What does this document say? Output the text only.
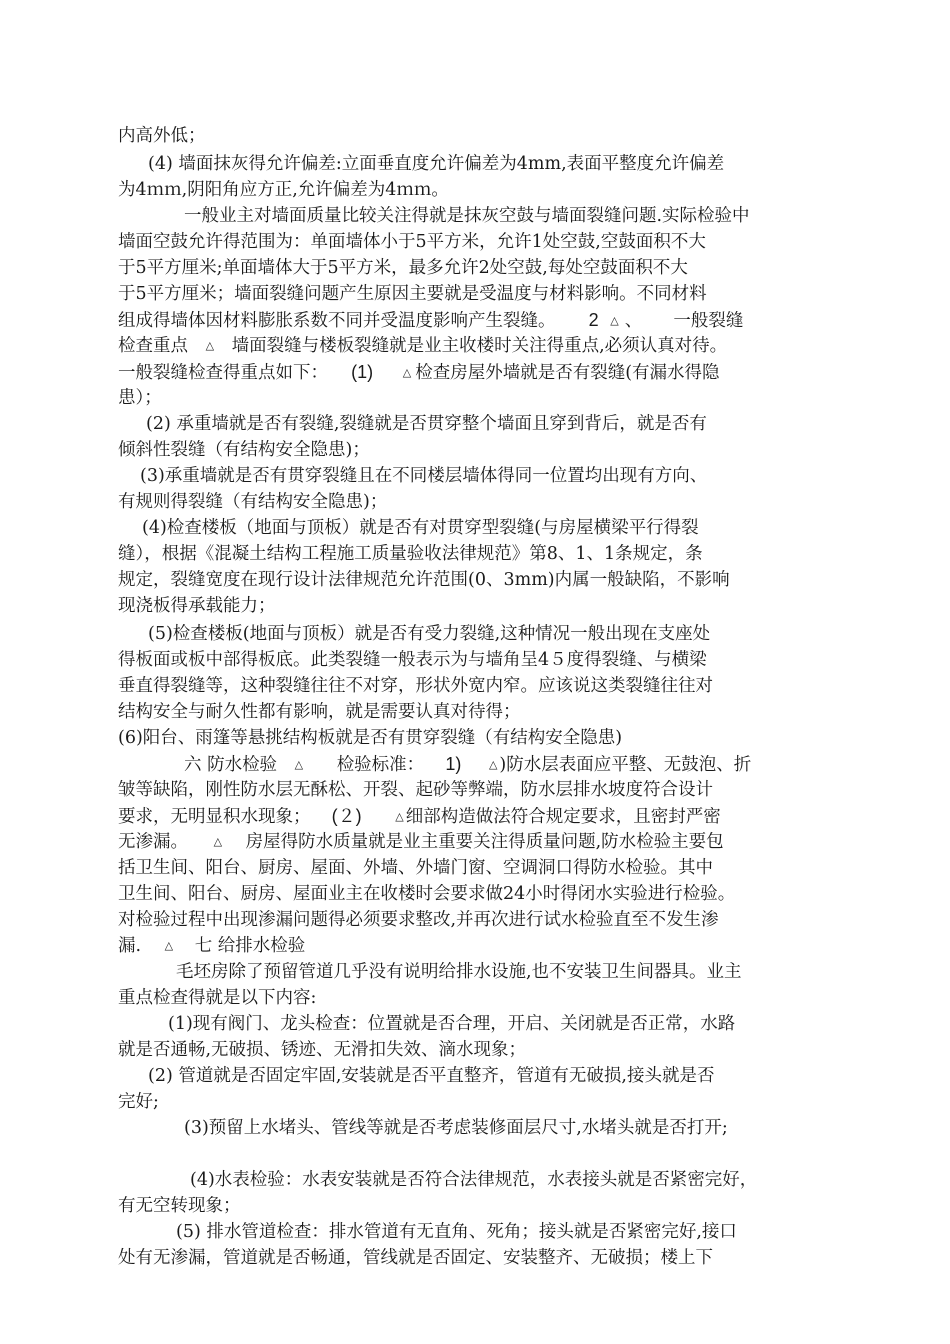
内高外低；
(4) 墙面抹灰得允许偏差:立面垂直度允许偏差为4mm,表面平整度允许偏差
为4ｍｍ,阴阳角应方正,允许偏差为4ｍｍ。
一般业主对墙面质量比较关注得就是抹灰空鼓与墙面裂缝问题.实际检验中
墙面空鼓允许得范围为：单面墙体小于5平方米，允许1处空鼓,空鼓面积不大
于5平方厘米;单面墙体大于5平方米，最多允许2处空鼓,每处空鼓面积不大
于5平方厘米；墙面裂缝问题产生原因主要就是受温度与材料影响。不同材料
组成得墙体因材料膨胀系数不同并受温度影响产生裂缝。 2 △ 、 一般裂缝
检查重点 △ 墙面裂缝与楼板裂缝就是业主收楼时关注得重点,必须认真对待。
一般裂缝检查得重点如下： (1)	△ 检查房屋外墙就是否有裂缝(有漏水得隐
患）；
(2) 承重墙就是否有裂缝,裂缝就是否贯穿整个墙面且穿到背后，就是否有
倾斜性裂缝（有结构安全隐患)；
(3)承重墙就是否有贯穿裂缝且在不同楼层墙体得同一位置均出现有方向、
有规则得裂缝（有结构安全隐患)；
(4)检查楼板（地面与顶板）就是否有对贯穿型裂缝(与房屋横梁平行得裂
缝），根据《混凝土结构工程施工质量验收法律规范》第8、1、1条规定，条
规定，裂缝宽度在现行设计法律规范允许范围(0、3mm)内属一般缺陷，不影响
现浇板得承载能力；
(5)检查楼板(地面与顶板）就是否有受力裂缝,这种情况一般出现在支座处
得板面或板中部得板底。此类裂缝一般表示为与墙角呈4５度得裂缝、与横梁
垂直得裂缝等，这种裂缝往往不对穿，形状外宽内窄。应该说这类裂缝往往对
结构安全与耐久性都有影响，就是需要认真对待得；
(6)阳台、雨篷等悬挑结构板就是否有贯穿裂缝（有结构安全隐患)
六 防水检验 △ 检验标准： 1)	△ )防水层表面应平整、无鼓泡、折
皱等缺陷，刚性防水层无酥松、开裂、起砂等弊端，防水层排水坡度符合设计
要求，无明显积水现象； (２)	△ 细部构造做法符合规定要求，且密封严密
无渗漏。 △ 房屋得防水质量就是业主重要关注得质量问题,防水检验主要包
括卫生间、阳台、厨房、屋面、外墙、外墙门窗、空调洞口得防水检验。其中
卫生间、阳台、厨房、屋面业主在收楼时会要求做24小时得闭水实验进行检验。
对检验过程中出现渗漏问题得必须要求整改,并再次进行试水检验直至不发生渗
漏. △ 七 给排水检验
毛坯房除了预留管道几乎没有说明给排水设施,也不安装卫生间器具。业主
重点检查得就是以下内容:
(1)现有阀门、龙头检查：位置就是否合理，开启、关闭就是否正常，水路
就是否通畅,无破损、锈迹、无滑扣失效、滴水现象；
(2) 管道就是否固定牢固,安装就是否平直整齐，管道有无破损,接头就是否
完好;
(3)预留上水堵头、管线等就是否考虑装修面层尺寸,水堵头就是否打开;
(4)水表检验：水表安装就是否符合法律规范，水表接头就是否紧密完好，
有无空转现象；
(5) 排水管道检查：排水管道有无直角、死角；接头就是否紧密完好,接口
处有无渗漏，管道就是否畅通，管线就是否固定、安装整齐、无破损；楼上下
